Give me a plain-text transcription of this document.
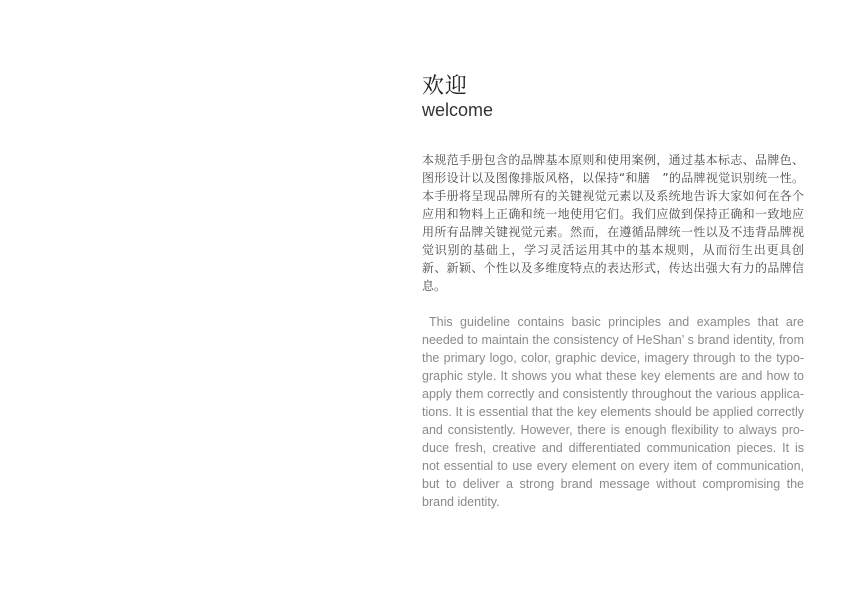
欢迎
welcome
本规范手册包含的品牌基本原则和使用案例，通过基本标志、品牌色、图形设计以及图像排版风格，以保持“和膳　”的品牌视觉识别统一性。本手册将呈现品牌所有的关键视觉元素以及系统地告诉大家如何在各个应用和物料上正确和统一地使用它们。我们应做到保持正确和一致地应用所有品牌关键视觉元素。然而，在遵循品牌统一性以及不违背品牌视觉识别的基础上，学习灵活运用其中的基本规则，从而衍生出更具创新、新颖、个性以及多维度特点的表达形式，传达出强大有力的品牌信息。
This guideline contains basic principles and examples that are needed to maintain the consistency of HeShan’ s brand identity, from the primary logo, color, graphic device, imagery through to the typo-graphic style. It shows you what these key elements are and how to apply them correctly and consistently throughout the various applica-tions. It is essential that the key elements should be applied correctly and consistently. However, there is enough flexibility to always pro-duce fresh, creative and differentiated communication pieces. It is not essential to use every element on every item of communication, but to deliver a strong brand message without compromising the brand identity.
